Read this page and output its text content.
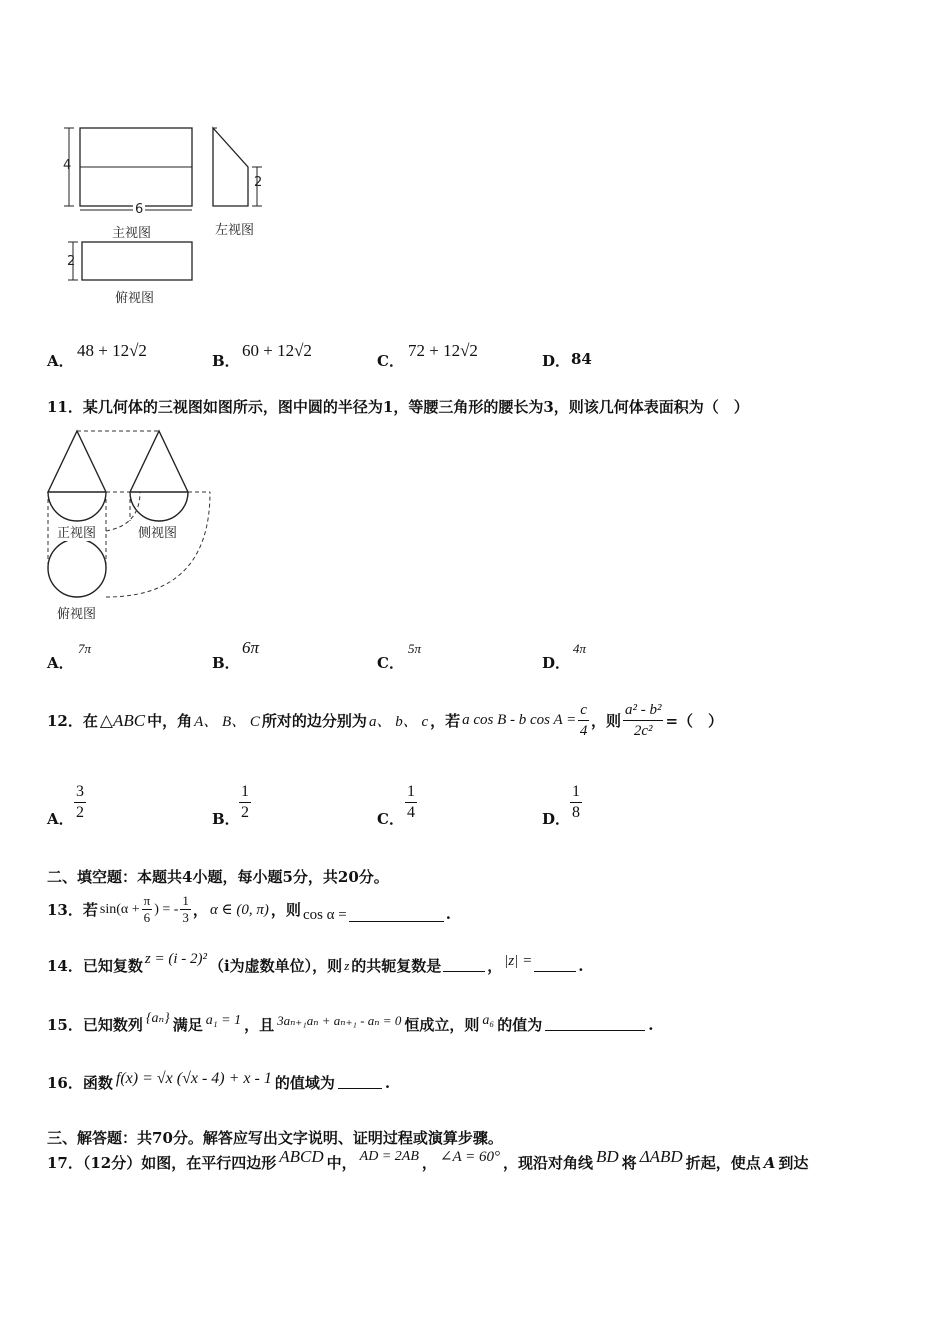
4
6
2
2
主视图	左视图
俯视图
A．
48 + 12√2
B．
60 + 12√2
C．
72 + 12√2
D． 84
11．某几何体的三视图如图所示，图中圆的半径为1，等腰三角形的腰长为3，则该几何体表面积为（　）
正视图	侧视图
俯视图
A．
7π
B．
6π
C．
5π
D．
4π
12．在 △ABC 中，角 A、 B、 C 所对的边分别为 a、 b、 c ，若 a cos B - b $\cos A = \frac{c}{4}$ ，则 $\frac{\text{a² - b²}}{\text{2c²}}$ =（　）
A． $\frac{3}{2}$	B． $\frac{1}{2}$	C． $\frac{1}{4}$	D． $\frac{1}{8}$
二、填空题：本题共4小题，每小题5分，共20分。
13．若 $\sin(\alpha + \frac{\pi}{6}$ ) = - $\frac{1}{3}$ ， α ∈ (0, π) ，则 cos α =	.
14．已知复数 z = (i - 2)² （i为虚数单位），则 z 的共轭复数是	， |z| =	.
15．已知数列 {aₙ} 满足 a₁ = 1 ，且 3aₙ₊₁aₙ + aₙ₊₁ - aₙ = 0 恒成立，则 a₆ 的值为	.
16．函数 f(x) = √x (√x - 4) + x - 1 的值域为	.
三、解答题：共70分。解答应写出文字说明、证明过程或演算步骤。
17．（12分）如图，在平行四边形 ABCD 中， AD = 2AB ， ∠A = 60° ，现沿对角线 BD 将 ΔABD 折起，使点 A 到达
